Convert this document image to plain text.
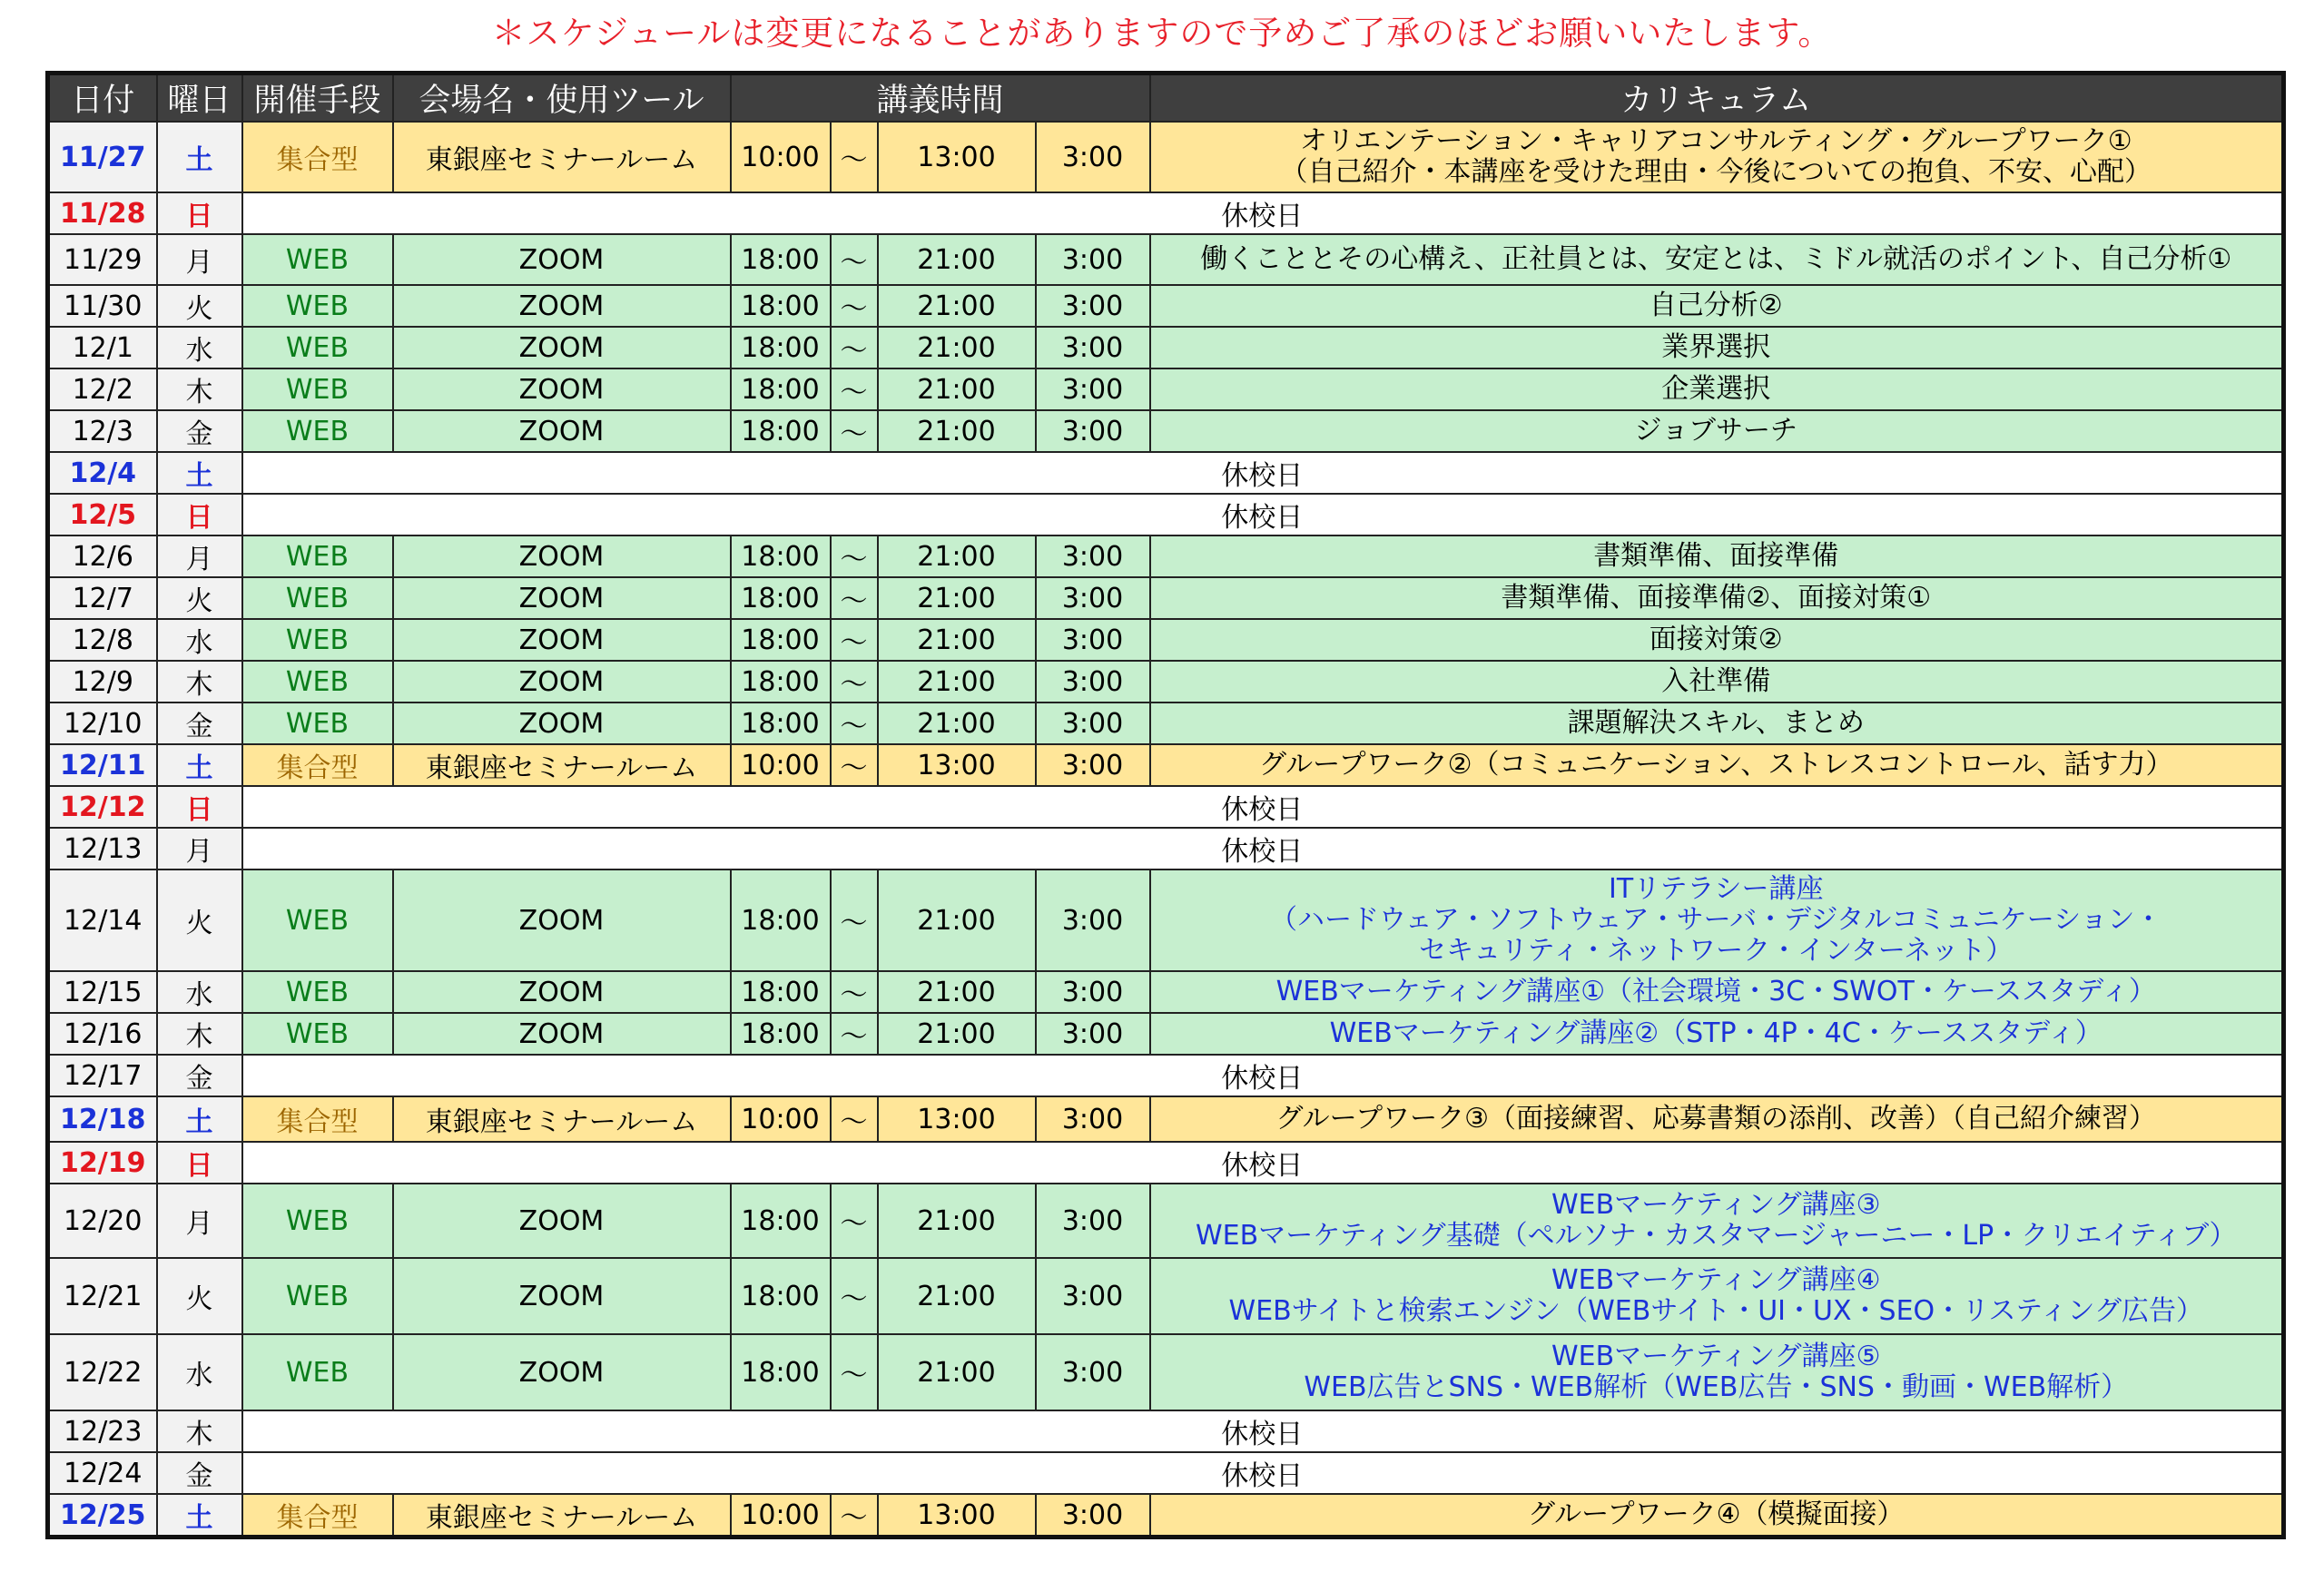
＊スケジュールは変更になることがありますので予めご了承のほどお願いいたします。
日付	曜日	開催手段	会場名・使用ツール	講義時間				カリキュラム
11/27	土	集合型	東銀座セミナールーム	10:00	～	13:00	3:00	オリエンテーション・キャリアコンサルティング・グループワーク①
（自己紹介・本講座を受けた理由・今後についての抱負、不安、心配）

11/28	日	休校日						
11/29	月	WEB	ZOOM	18:00	～	21:00	3:00	働くこととその心構え、正社員とは、安定とは、ミドル就活のポイント、自己分析①

11/30	火	WEB	ZOOM	18:00	～	21:00	3:00	自己分析②

12/1	水	WEB	ZOOM	18:00	～	21:00	3:00	業界選択

12/2	木	WEB	ZOOM	18:00	～	21:00	3:00	企業選択

12/3	金	WEB	ZOOM	18:00	～	21:00	3:00	ジョブサーチ

12/4	土	休校日						
12/5	日	休校日						
12/6	月	WEB	ZOOM	18:00	～	21:00	3:00	書類準備、面接準備

12/7	火	WEB	ZOOM	18:00	～	21:00	3:00	書類準備、面接準備②、面接対策①

12/8	水	WEB	ZOOM	18:00	～	21:00	3:00	面接対策②

12/9	木	WEB	ZOOM	18:00	～	21:00	3:00	入社準備

12/10	金	WEB	ZOOM	18:00	～	21:00	3:00	課題解決スキル、まとめ

12/11	土	集合型	東銀座セミナールーム	10:00	～	13:00	3:00	グループワーク②（コミュニケーション、ストレスコントロール、話す力）

12/12	日	休校日						
12/13	月	休校日						
12/14	火	WEB	ZOOM	18:00	～	21:00	3:00	ITリテラシー講座
（ハードウェア・ソフトウェア・サーバ・デジタルコミュニケーション・
セキュリティ・ネットワーク・インターネット）

12/15	水	WEB	ZOOM	18:00	～	21:00	3:00	WEBマーケティング講座①（社会環境・3C・SWOT・ケーススタディ）

12/16	木	WEB	ZOOM	18:00	～	21:00	3:00	WEBマーケティング講座②（STP・4P・4C・ケーススタディ）

12/17	金	休校日						
12/18	土	集合型	東銀座セミナールーム	10:00	～	13:00	3:00	グループワーク③（面接練習、応募書類の添削、改善）（自己紹介練習）

12/19	日	休校日						
12/20	月	WEB	ZOOM	18:00	～	21:00	3:00	WEBマーケティング講座③
WEBマーケティング基礎（ペルソナ・カスタマージャーニー・LP・クリエイティブ）

12/21	火	WEB	ZOOM	18:00	～	21:00	3:00	WEBマーケティング講座④
WEBサイトと検索エンジン（WEBサイト・UI・UX・SEO・リスティング広告）

12/22	水	WEB	ZOOM	18:00	～	21:00	3:00	WEBマーケティング講座⑤
WEB広告とSNS・WEB解析（WEB広告・SNS・動画・WEB解析）

12/23	木	休校日						
12/24	金	休校日						
12/25	土	集合型	東銀座セミナールーム	10:00	～	13:00	3:00	グループワーク④（模擬面接）
